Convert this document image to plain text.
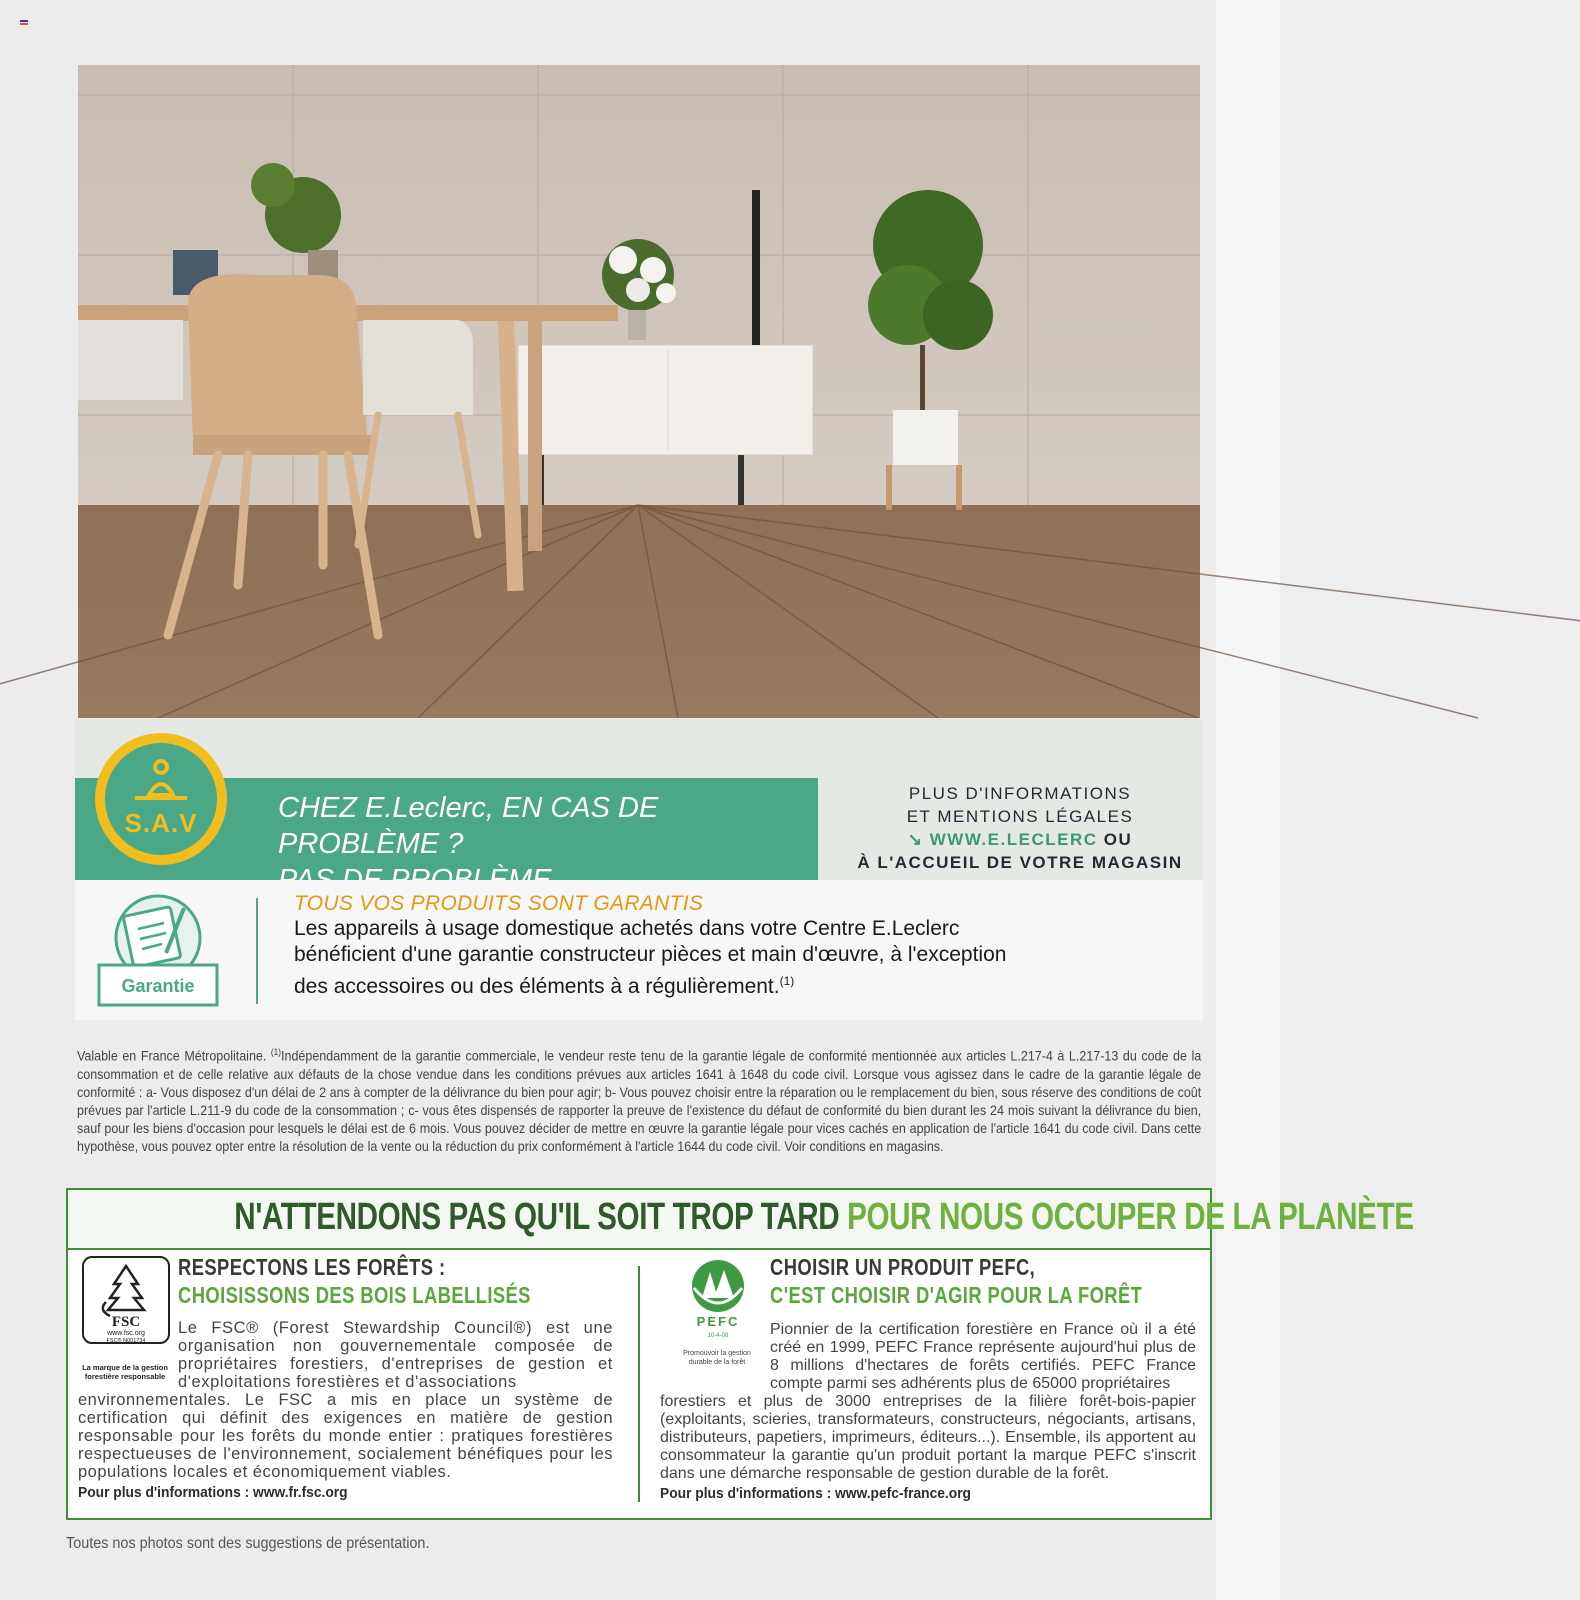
S.A.V	CHEZ E.Leclerc, EN CAS DE PROBLÈME ?
PLUS D'INFORMATIONS
ET MENTIONS LÉGALES
↘ WWW.E.LECLERC OU
À L'ACCUEIL DE VOTRE MAGASIN
Garantie
TOUS VOS PRODUITS SONT GARANTIS
Les appareils à usage domestique achetés dans votre Centre E.Leclerc
bénéficient d'une garantie constructeur pièces et main d'œuvre, à l'exception
des accessoires ou des éléments à a régulièrement.$^{(1)}$
Valable en France Métropolitaine. $^{(1)}$Indépendamment de la garantie commerciale, le vendeur reste tenu de la garantie légale de conformité mentionnée aux articles L.217-4 à L.217-13 du code de la consommation et de celle relative aux défauts de la chose vendue dans les conditions prévues aux articles 1641 à 1648 du code civil. Lorsque vous agissez dans le cadre de la garantie légale de conformité : a- Vous disposez d'un délai de 2 ans à compter de la délivrance du bien pour agir; b- Vous pouvez choisir entre la réparation ou le remplacement du bien, sous réserve des conditions de coût prévues par l'article L.211-9 du code de la consommation ; c- vous êtes dispensés de rapporter la preuve de l'existence du défaut de conformité du bien durant les 24 mois suivant la délivrance du bien, sauf pour les biens d'occasion pour lesquels le délai est de 6 mois. Vous pouvez décider de mettre en œuvre la garantie légale pour vices cachés en application de l'article 1641 du code civil. Dans cette hypothèse, vous pouvez opter entre la résolution de la vente ou la réduction du prix conformément à l'article 1644 du code civil. Voir conditions en magasins.
N'ATTENDONS PAS QU'IL SOIT TROP TARD POUR NOUS OCCUPER DE LA PLANÈTE
FSC
www.fsc.org
FSC® N001734
La marque de la gestion forestière responsable
RESPECTONS LES FORÊTS :
CHOISISSONS DES BOIS LABELLISÉS
Le FSC® (Forest Stewardship Council®) est une organisation non gouvernementale composée de propriétaires forestiers, d'entreprises de gestion et d'exploitations forestières et d'associations
environnementales. Le FSC a mis en place un système de certification qui définit des exigences en matière de gestion responsable pour les forêts du monde entier : pratiques forestières respectueuses de l'environnement, socialement bénéfiques pour les populations locales et économiquement viables.
Pour plus d'informations : www.fr.fsc.org
PEFC
10-4-08
Promouvoir la gestion durable de la forêt
CHOISIR UN PRODUIT PEFC,
C'EST CHOISIR D'AGIR POUR LA FORÊT
Pionnier de la certification forestière en France où il a été créé en 1999, PEFC France représente aujourd'hui plus de 8 millions d'hectares de forêts certifiés. PEFC France compte parmi ses adhérents plus de 65000 propriétaires
forestiers et plus de 3000 entreprises de la filière forêt-bois-papier (exploitants, scieries, transformateurs, constructeurs, négociants, artisans, distributeurs, papetiers, imprimeurs, éditeurs...). Ensemble, ils apportent au consommateur la garantie qu'un produit portant la marque PEFC s'inscrit dans une démarche responsable de gestion durable de la forêt.
Pour plus d'informations : www.pefc-france.org
Toutes nos photos sont des suggestions de présentation.
